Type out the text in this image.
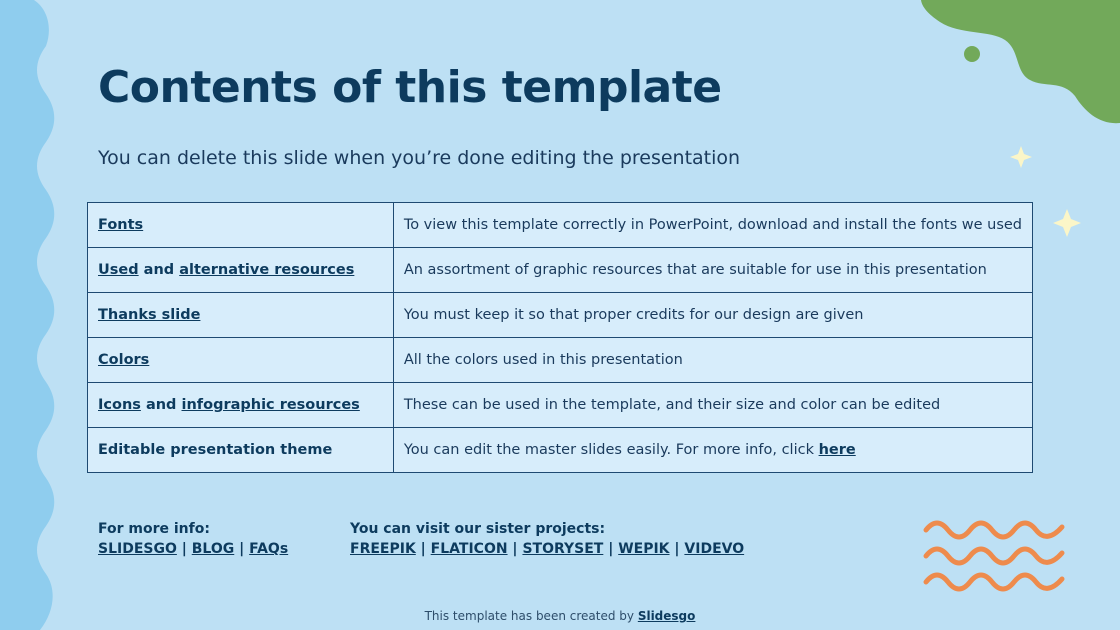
Contents of this template

You can delete this slide when you’re done editing the presentation

Fonts	To view this template correctly in PowerPoint, download and install the fonts we used
Used and alternative resources	An assortment of graphic resources that are suitable for use in this presentation
Thanks slide	You must keep it so that proper credits for our design are given
Colors	All the colors used in this presentation
Icons and infographic resources	These can be used in the template, and their size and color can be edited
Editable presentation theme	You can edit the master slides easily. For more info, click here
For more info:
SLIDESGO | BLOG | FAQs
You can visit our sister projects:
FREEPIK | FLATICON | STORYSET | WEPIK | VIDEVO
This template has been created by Slidesgo
